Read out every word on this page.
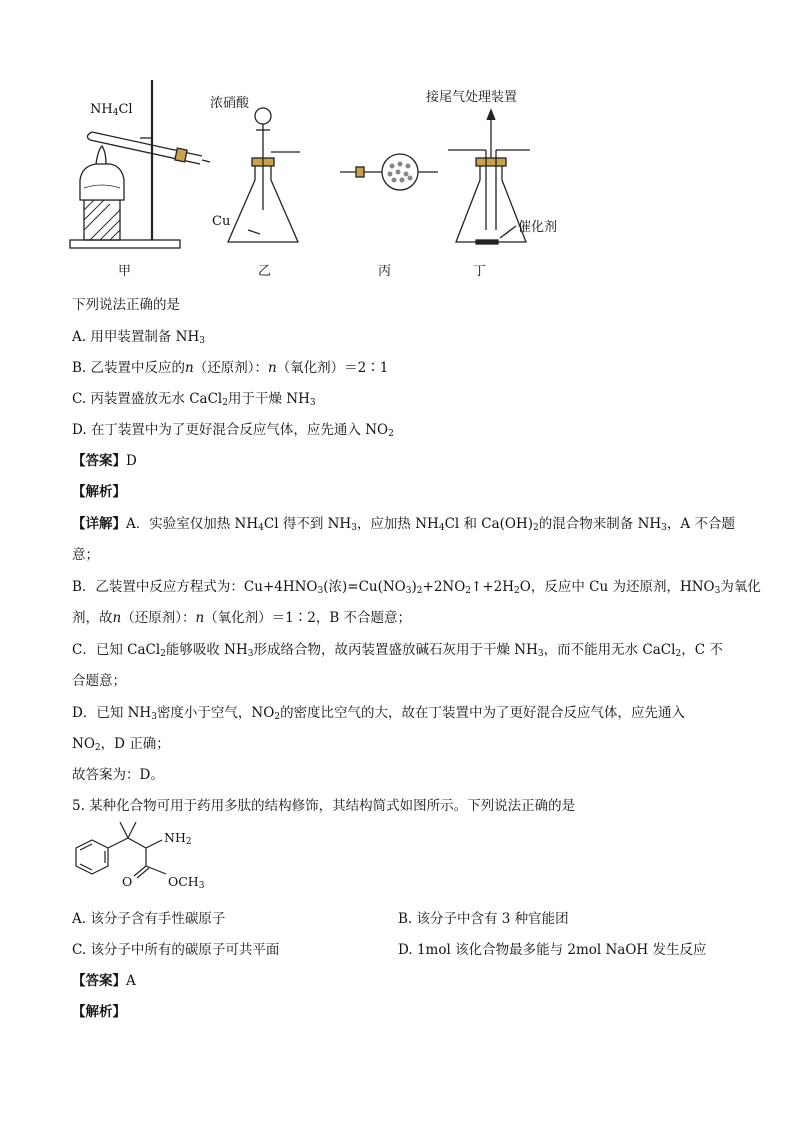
$NH_4Cl$	浓硝酸
Cu
接尾气处理装置
催化剂
甲	乙	丙	丁
下列说法正确的是
A. 用甲装置制备 $NH_3$
B. 乙装置中反应的n（还原剂）：n（氧化剂）＝2∶1
C. 丙装置盛放无水 CaCl$_2$用于干燥 $NH_3$
D. 在丁装置中为了更好混合反应气体，应先通入 $NO_2$
【答案】D
【解析】
【详解】A．实验室仅加热 $NH_4Cl$ 得不到 $NH_3$，应加热 $NH_4Cl$ 和 $Ca(OH)_2$的混合物来制备 $NH_3$，A 不合题
意；
B．乙装置中反应方程式为：$Cu+4HNO_3$(浓)$=Cu(NO_3)_2+2NO_2↑+2H_2O$，反应中 Cu 为还原剂，$HNO_3$为氧化
剂，故n（还原剂）：n（氧化剂）＝1∶2，B 不合题意；
C．已知 CaCl$_2$能够吸收 $NH_3$形成络合物，故丙装置盛放碱石灰用于干燥 $NH_3$，而不能用无水 CaCl$_2$，C 不
合题意；
D．已知 $NH_3$密度小于空气，$NO_2$的密度比空气的大，故在丁装置中为了更好混合反应气体，应先通入
$NO_2$，D 正确；
故答案为：D。
5. 某种化合物可用于药用多肽的结构修饰，其结构简式如图所示。下列说法正确的是
$NH_2$
O	$OCH_3$
A. 该分子含有手性碳原子	B. 该分子中含有 3 种官能团
C. 该分子中所有的碳原子可共平面	D. 1mol 该化合物最多能与 2mol NaOH 发生反应
【答案】A
【解析】
